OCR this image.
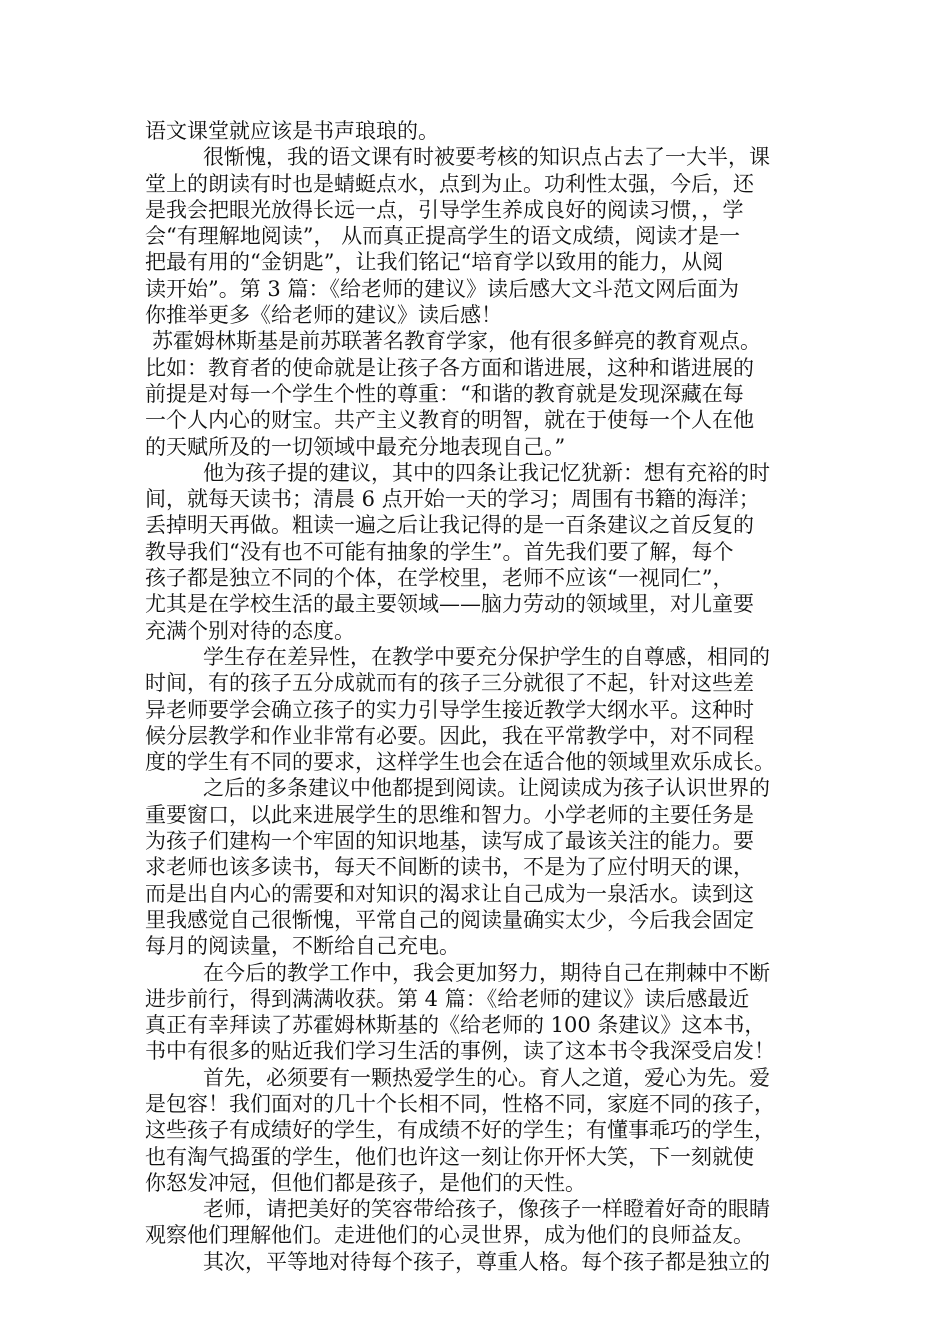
语文课堂就应该是书声琅琅的。
很惭愧，我的语文课有时被要考核的知识点占去了一大半，课
堂上的朗读有时也是蜻蜓点水，点到为止。功利性太强，今后，还
是我会把眼光放得长远一点，引导学生养成良好的阅读习惯，，学
会“有理解地阅读”， 从而真正提高学生的语文成绩，阅读才是一
把最有用的“金钥匙”，让我们铭记“培育学以致用的能力，从阅
读开始”。第 3 篇：《给老师的建议》读后感大文斗范文网后面为
你推举更多《给老师的建议》读后感！
苏霍姆林斯基是前苏联著名教育学家，他有很多鲜亮的教育观点。
比如：教育者的使命就是让孩子各方面和谐进展，这种和谐进展的
前提是对每一个学生个性的尊重：“和谐的教育就是发现深藏在每
一个人内心的财宝。共产主义教育的明智，就在于使每一个人在他
的天赋所及的一切领域中最充分地表现自己。”
他为孩子提的建议，其中的四条让我记忆犹新：想有充裕的时
间，就每天读书；清晨 6 点开始一天的学习；周围有书籍的海洋；
丢掉明天再做。粗读一遍之后让我记得的是一百条建议之首反复的
教导我们“没有也不可能有抽象的学生”。首先我们要了解，每个
孩子都是独立不同的个体，在学校里，老师不应该“一视同仁”，
尤其是在学校生活的最主要领域——脑力劳动的领域里，对儿童要
充满个别对待的态度。
学生存在差异性，在教学中要充分保护学生的自尊感，相同的
时间，有的孩子五分成就而有的孩子三分就很了不起，针对这些差
异老师要学会确立孩子的实力引导学生接近教学大纲水平。这种时
候分层教学和作业非常有必要。因此，我在平常教学中，对不同程
度的学生有不同的要求，这样学生也会在适合他的领域里欢乐成长。
之后的多条建议中他都提到阅读。让阅读成为孩子认识世界的
重要窗口，以此来进展学生的思维和智力。小学老师的主要任务是
为孩子们建构一个牢固的知识地基，读写成了最该关注的能力。要
求老师也该多读书，每天不间断的读书，不是为了应付明天的课，
而是出自内心的需要和对知识的渴求让自己成为一泉活水。读到这
里我感觉自己很惭愧，平常自己的阅读量确实太少，今后我会固定
每月的阅读量，不断给自己充电。
在今后的教学工作中，我会更加努力，期待自己在荆棘中不断
进步前行，得到满满收获。第 4 篇：《给老师的建议》读后感最近
真正有幸拜读了苏霍姆林斯基的《给老师的 100 条建议》这本书，
书中有很多的贴近我们学习生活的事例，读了这本书令我深受启发！
首先，必须要有一颗热爱学生的心。育人之道，爱心为先。爱
是包容！我们面对的几十个长相不同，性格不同，家庭不同的孩子，
这些孩子有成绩好的学生，有成绩不好的学生；有懂事乖巧的学生，
也有淘气捣蛋的学生，他们也许这一刻让你开怀大笑，下一刻就使
你怒发冲冠，但他们都是孩子，是他们的天性。
老师，请把美好的笑容带给孩子，像孩子一样瞪着好奇的眼睛
观察他们理解他们。走进他们的心灵世界，成为他们的良师益友。
其次，平等地对待每个孩子，尊重人格。每个孩子都是独立的
